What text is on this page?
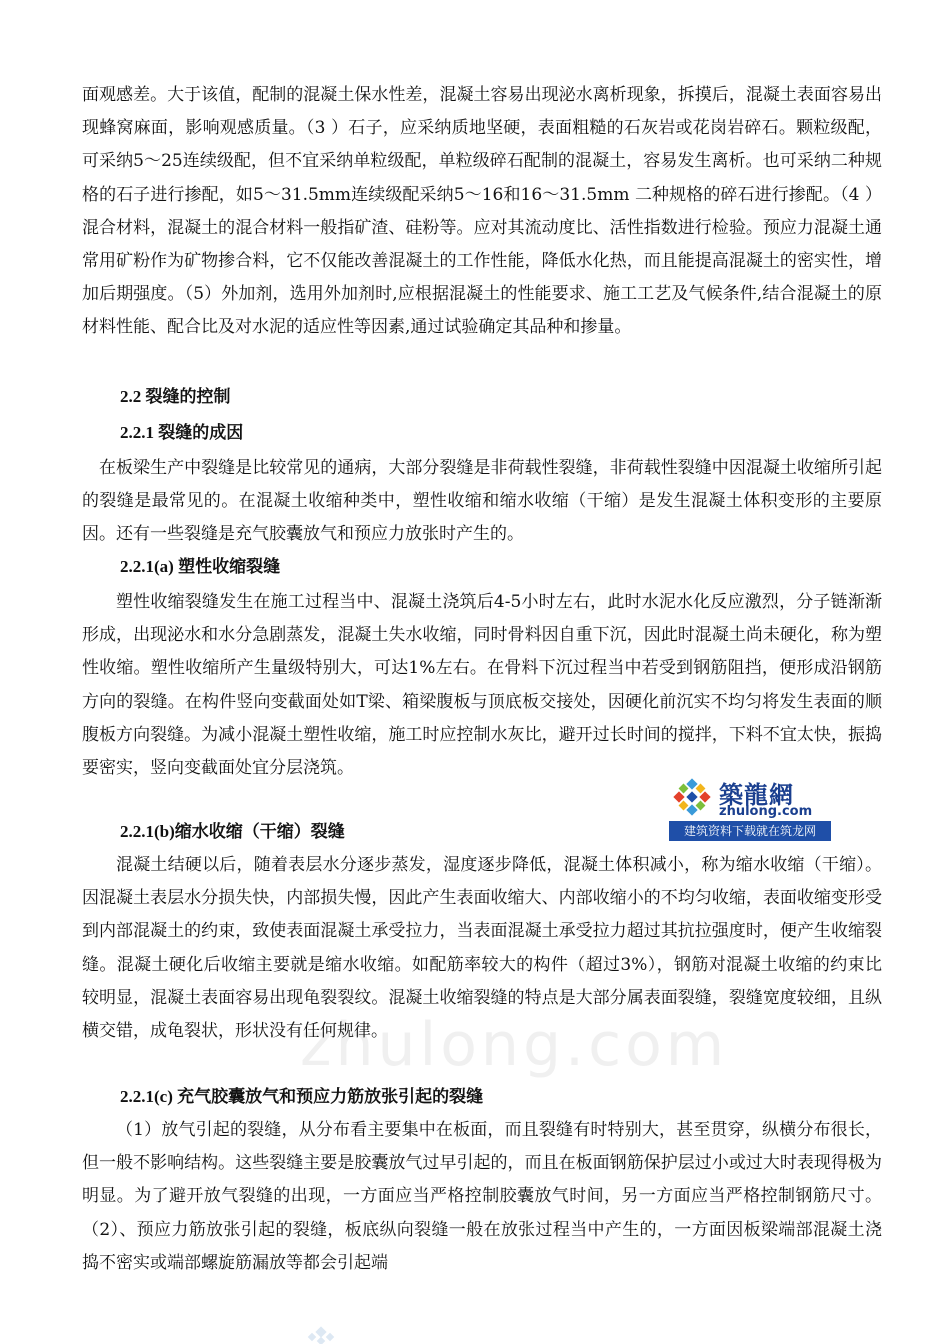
zhulong.com

面观感差。大于该值，配制的混凝土保水性差，混凝土容易出现泌水离析现象，拆摸后，混凝土表面容易出现蜂窝麻面，影响观感质量。（3 ）石子，应采纳质地坚硬，表面粗糙的石灰岩或花岗岩碎石。颗粒级配，可采纳5～25连续级配，但不宜采纳单粒级配，单粒级碎石配制的混凝土，容易发生离析。也可采纳二种规格的石子进行掺配，如5～31.5mm连续级配采纳5～16和16～31.5mm 二种规格的碎石进行掺配。（4 ）混合材料，混凝土的混合材料一般指矿渣、硅粉等。应对其流动度比、活性指数进行检验。预应力混凝土通常用矿粉作为矿物掺合料，它不仅能改善混凝土的工作性能，降低水化热，而且能提高混凝土的密实性，增加后期强度。（5）外加剂，选用外加剂时,应根据混凝土的性能要求、施工工艺及气候条件,结合混凝土的原材料性能、配合比及对水泥的适应性等因素,通过试验确定其品种和掺量。

2.2 裂缝的控制
2.2.1 裂缝的成因

在板梁生产中裂缝是比较常见的通病，大部分裂缝是非荷载性裂缝，非荷载性裂缝中因混凝土收缩所引起的裂缝是最常见的。在混凝土收缩种类中，塑性收缩和缩水收缩（干缩）是发生混凝土体积变形的主要原因。还有一些裂缝是充气胶囊放气和预应力放张时产生的。

2.2.1(a) 塑性收缩裂缝

塑性收缩裂缝发生在施工过程当中、混凝土浇筑后4-5小时左右，此时水泥水化反应激烈，分子链渐渐形成，出现泌水和水分急剧蒸发，混凝土失水收缩，同时骨料因自重下沉，因此时混凝土尚未硬化，称为塑性收缩。塑性收缩所产生量级特别大，可达1%左右。在骨料下沉过程当中若受到钢筋阻挡，便形成沿钢筋方向的裂缝。在构件竖向变截面处如T梁、箱梁腹板与顶底板交接处，因硬化前沉实不均匀将发生表面的顺腹板方向裂缝。为减小混凝土塑性收缩，施工时应控制水灰比，避开过长时间的搅拌，下料不宜太快，振捣要密实，竖向变截面处宜分层浇筑。

2.2.1(b)缩水收缩（干缩）裂缝

混凝土结硬以后，随着表层水分逐步蒸发，湿度逐步降低，混凝土体积减小，称为缩水收缩（干缩）。因混凝土表层水分损失快，内部损失慢，因此产生表面收缩大、内部收缩小的不均匀收缩，表面收缩变形受到内部混凝土的约束，致使表面混凝土承受拉力，当表面混凝土承受拉力超过其抗拉强度时，便产生收缩裂缝。混凝土硬化后收缩主要就是缩水收缩。如配筋率较大的构件（超过3%），钢筋对混凝土收缩的约束比较明显，混凝土表面容易出现龟裂裂纹。混凝土收缩裂缝的特点是大部分属表面裂缝，裂缝宽度较细，且纵横交错，成龟裂状，形状没有任何规律。

2.2.1(c) 充气胶囊放气和预应力筋放张引起的裂缝

（1）放气引起的裂缝，从分布看主要集中在板面，而且裂缝有时特别大，甚至贯穿，纵横分布很长，但一般不影响结构。这些裂缝主要是胶囊放气过早引起的，而且在板面钢筋保护层过小或过大时表现得极为明显。为了避开放气裂缝的出现，一方面应当严格控制胶囊放气时间，另一方面应当严格控制钢筋尺寸。（2）、预应力筋放张引起的裂缝，板底纵向裂缝一般在放张过程当中产生的，一方面因板梁端部混凝土浇捣不密实或端部螺旋筋漏放等都会引起端

築龍網
zhulong.com
建筑资料下载就在筑龙网
